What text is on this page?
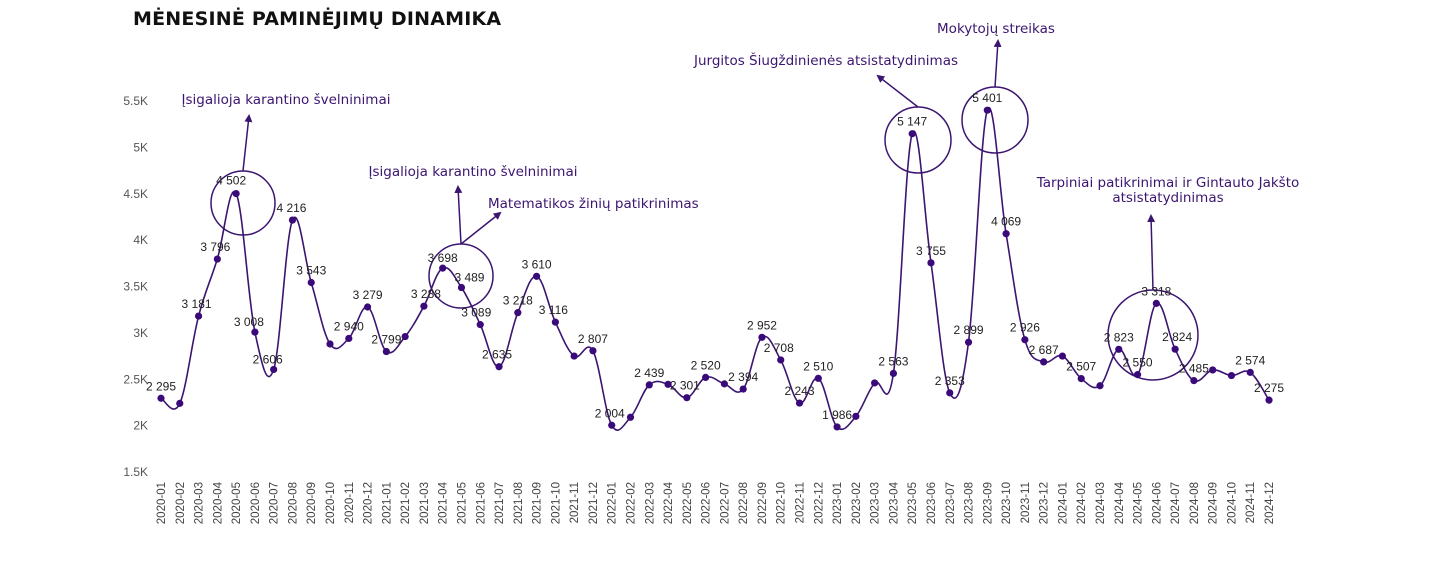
MĖNESINĖ PAMINĖJIMŲ DINAMIKA
Įsigalioja karantino švelninimai
Įsigalioja karantino švelninimai
Matematikos žinių patikrinimas
Jurgitos Šiugždinienės atsistatydinimas
Mokytojų streikas
Tarpiniai patikrinimai ir Gintauto Jakšto atsistatydinimas
2 295
3 181
3 796
4 502
3 008
2 606
4 216
3 543
2 940
3 279
2 799
3 288
3 698
3 489
3 089
2 635
3 218
3 610
3 116
2 807
2 004
2 439
2 301
2 520
2 394
2 952
2 708
2 243
2 510
1 986
2 563
5 147
3 755
2 353
2 899
5 401
4 069
2 926
2 687
2 507
2 823
2 550
3 318
2 824
2 485
2 574
2 275
1.5K
2K
2.5K
3K
3.5K
4K
4.5K
5K
5.5K
2020-01 2020-02 2020-03 2020-04 2020-05 2020-06 2020-07 2020-08 2020-09 2020-10 2020-11 2020-12 2021-01 2021-02 2021-03 2021-04 2021-05 2021-06 2021-07 2021-08 2021-09 2021-10 2021-11 2021-12 2022-01 2022-02 2022-03 2022-04 2022-05 2022-06 2022-07 2022-08 2022-09 2022-10 2022-11 2022-12 2023-01 2023-02 2023-03 2023-04 2023-05 2023-06 2023-07 2023-08 2023-09 2023-10 2023-11 2023-12 2024-01 2024-02 2024-03 2024-04 2024-05 2024-06 2024-07 2024-08 2024-09 2024-10 2024-11 2024-12
